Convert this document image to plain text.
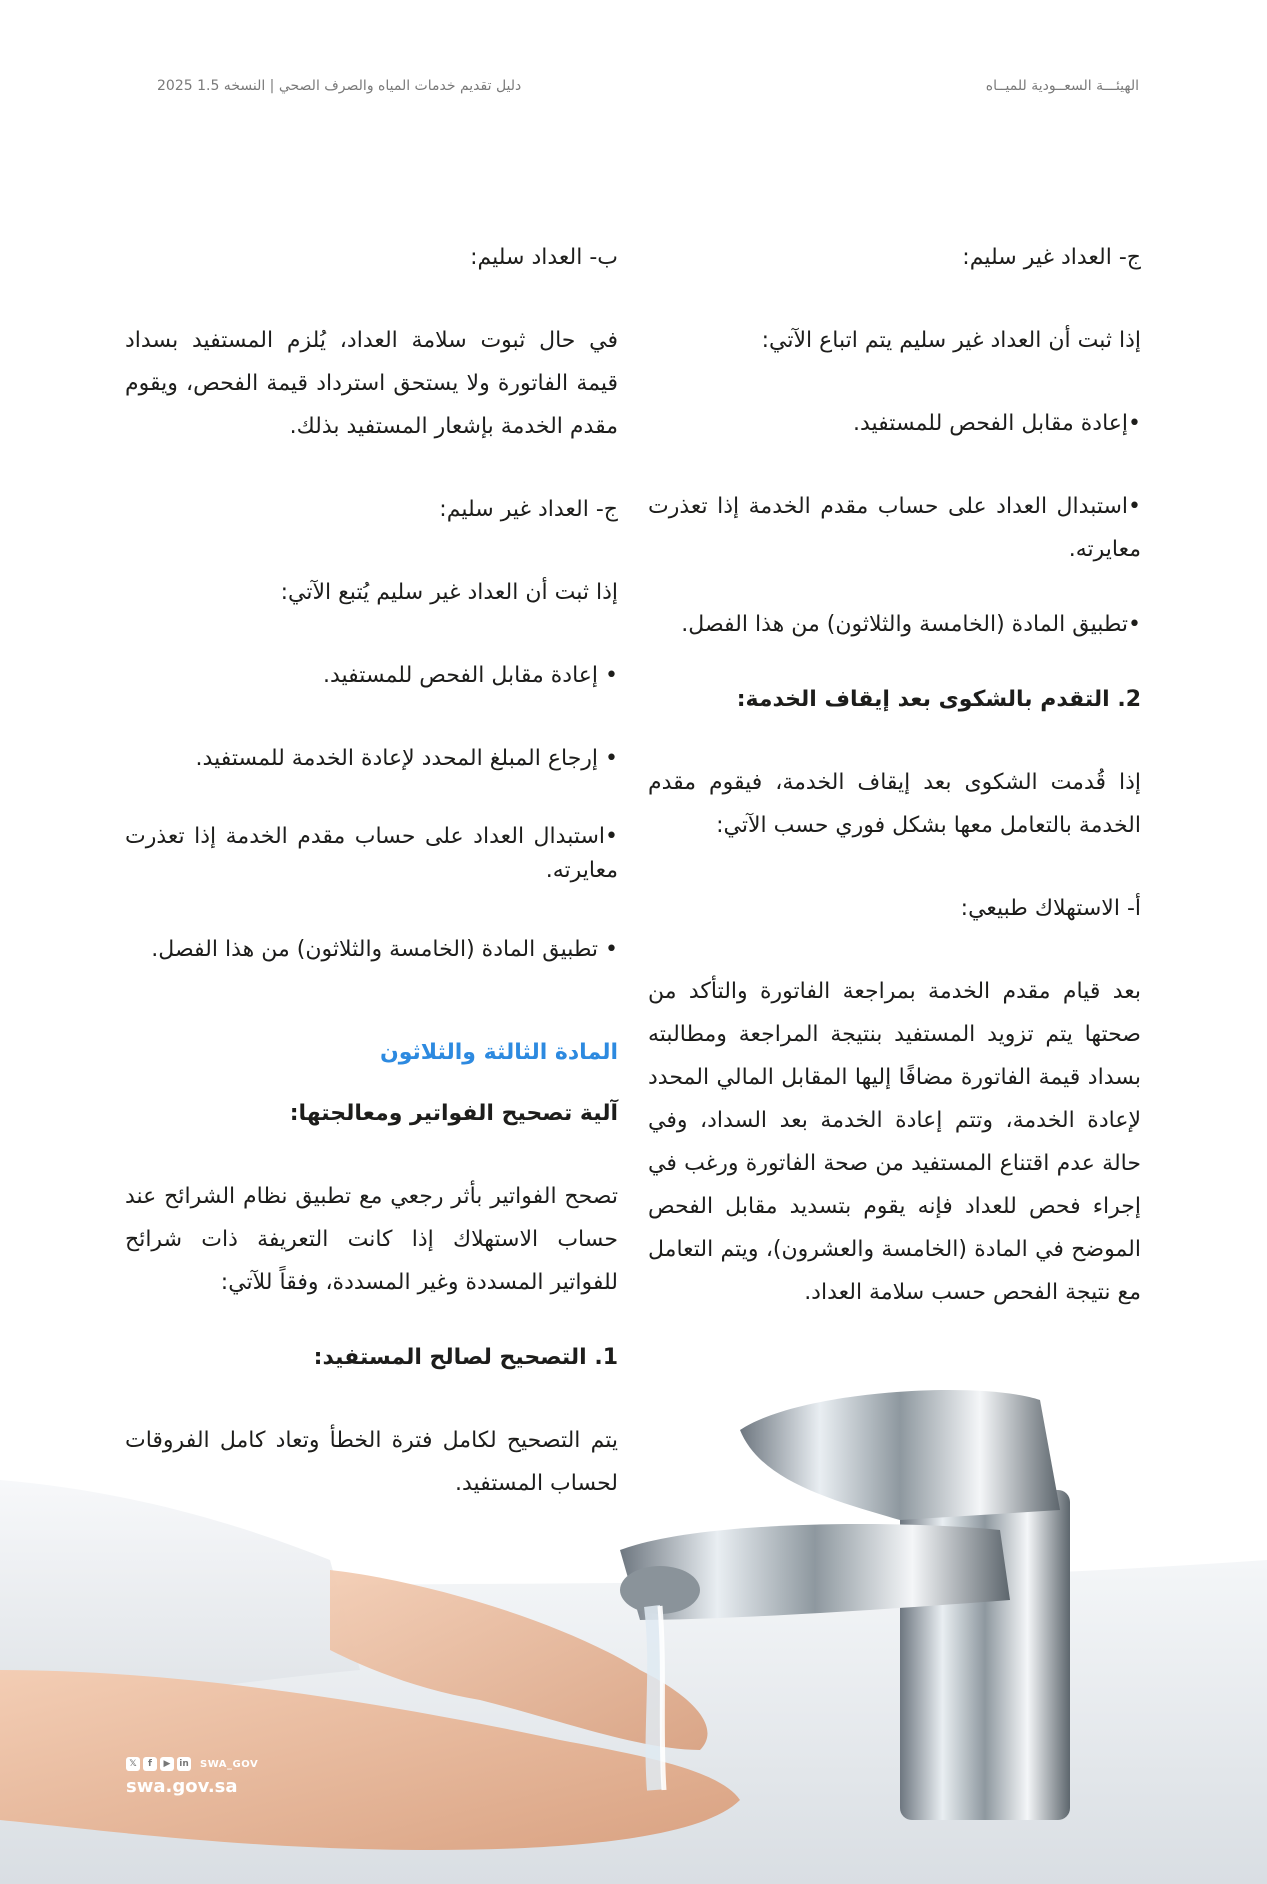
الهيئـــة السعــودية للميــاه
دليل تقديم خدمات المياه والصرف الصحي | النسخه 1.5 2025

ج- العداد غير سليم:

إذا ثبت أن العداد غير سليم يتم اتباع الآتي:

•إعادة مقابل الفحص للمستفيد.

•استبدال العداد على حساب مقدم الخدمة إذا تعذرت معايرته.

•تطبيق المادة (الخامسة والثلاثون) من هذا الفصل.

2. التقدم بالشكوى بعد إيقاف الخدمة:

إذا قُدمت الشكوى بعد إيقاف الخدمة، فيقوم مقدم الخدمة بالتعامل معها بشكل فوري حسب الآتي:

أ- الاستهلاك طبيعي:

بعد قيام مقدم الخدمة بمراجعة الفاتورة والتأكد من صحتها يتم تزويد المستفيد بنتيجة المراجعة ومطالبته بسداد قيمة الفاتورة مضافًا إليها المقابل المالي المحدد لإعادة الخدمة، وتتم إعادة الخدمة بعد السداد، وفي حالة عدم اقتناع المستفيد من صحة الفاتورة ورغب في إجراء فحص للعداد فإنه يقوم بتسديد مقابل الفحص الموضح في المادة (الخامسة والعشرون)، ويتم التعامل مع نتيجة الفحص حسب سلامة العداد.

ب- العداد سليم:

في حال ثبوت سلامة العداد، يُلزم المستفيد بسداد قيمة الفاتورة ولا يستحق استرداد قيمة الفحص، ويقوم مقدم الخدمة بإشعار المستفيد بذلك.

ج- العداد غير سليم:

إذا ثبت أن العداد غير سليم يُتبع الآتي:

• إعادة مقابل الفحص للمستفيد.

• إرجاع المبلغ المحدد لإعادة الخدمة للمستفيد.

•استبدال العداد على حساب مقدم الخدمة إذا تعذرت معايرته.

• تطبيق المادة (الخامسة والثلاثون) من هذا الفصل.

المادة الثالثة والثلاثون

آلية تصحيح الفواتير ومعالجتها:

تصحح الفواتير بأثر رجعي مع تطبيق نظام الشرائح عند حساب الاستهلاك إذا كانت التعريفة ذات شرائح للفواتير المسددة وغير المسددة، وفقاً للآتي:

1. التصحيح لصالح المستفيد:

يتم التصحيح لكامل فترة الخطأ وتعاد كامل الفروقات لحساب المستفيد.

𝕏	f	▶ in SWA_GOV
swa.gov.sa
